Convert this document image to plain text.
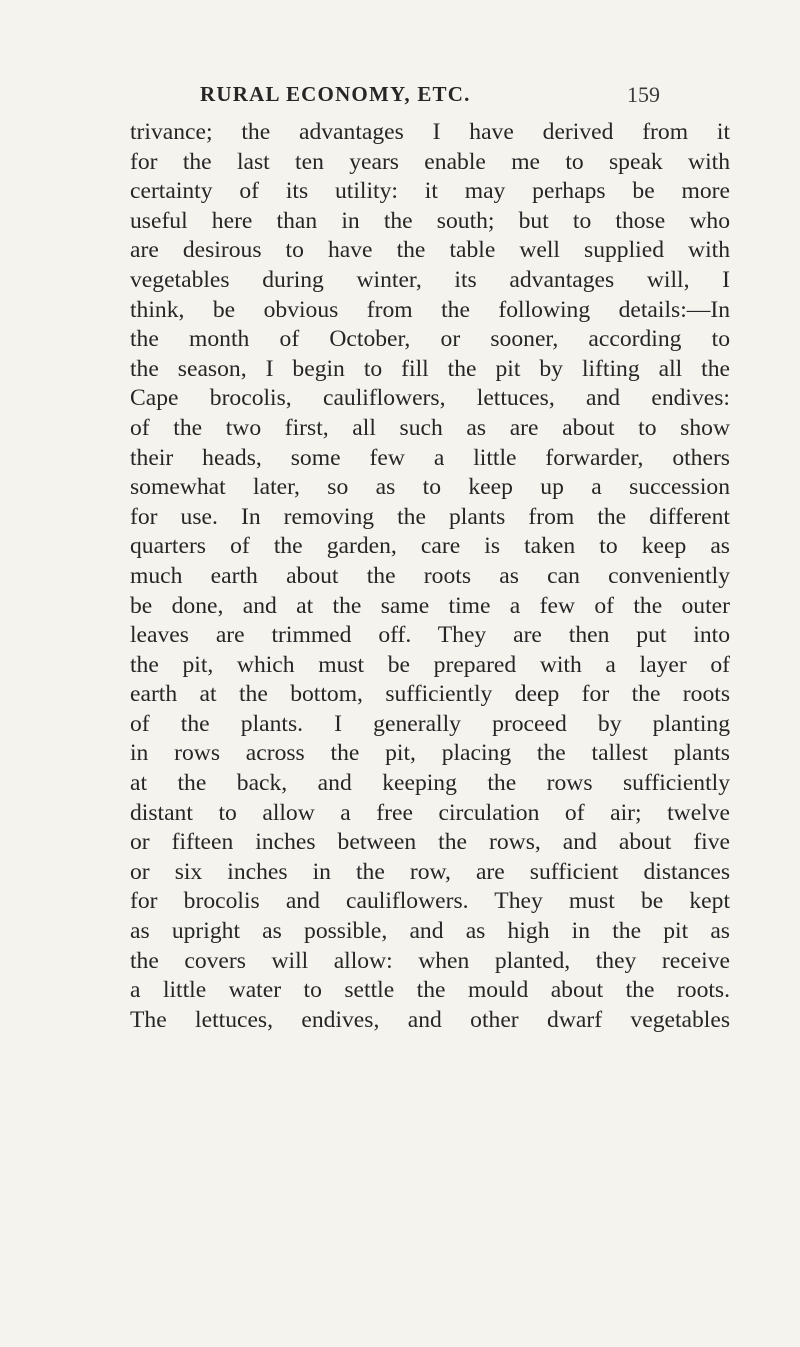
RURAL ECONOMY, ETC.	159
trivance; the advantages I have derived from it
for the last ten years enable me to speak with
certainty of its utility: it may perhaps be more
useful here than in the south; but to those who
are desirous to have the table well supplied with
vegetables during winter, its advantages will, I
think, be obvious from the following details:—In
the month of October, or sooner, according to
the season, I begin to fill the pit by lifting all the
Cape brocolis, cauliflowers, lettuces, and endives:
of the two first, all such as are about to show
their heads, some few a little forwarder, others
somewhat later, so as to keep up a succession
for use. In removing the plants from the different
quarters of the garden, care is taken to keep as
much earth about the roots as can conveniently
be done, and at the same time a few of the outer
leaves are trimmed off. They are then put into
the pit, which must be prepared with a layer of
earth at the bottom, sufficiently deep for the roots
of the plants. I generally proceed by planting
in rows across the pit, placing the tallest plants
at the back, and keeping the rows sufficiently
distant to allow a free circulation of air; twelve
or fifteen inches between the rows, and about five
or six inches in the row, are sufficient distances
for brocolis and cauliflowers. They must be kept
as upright as possible, and as high in the pit as
the covers will allow: when planted, they receive
a little water to settle the mould about the roots.
The lettuces, endives, and other dwarf vegetables
